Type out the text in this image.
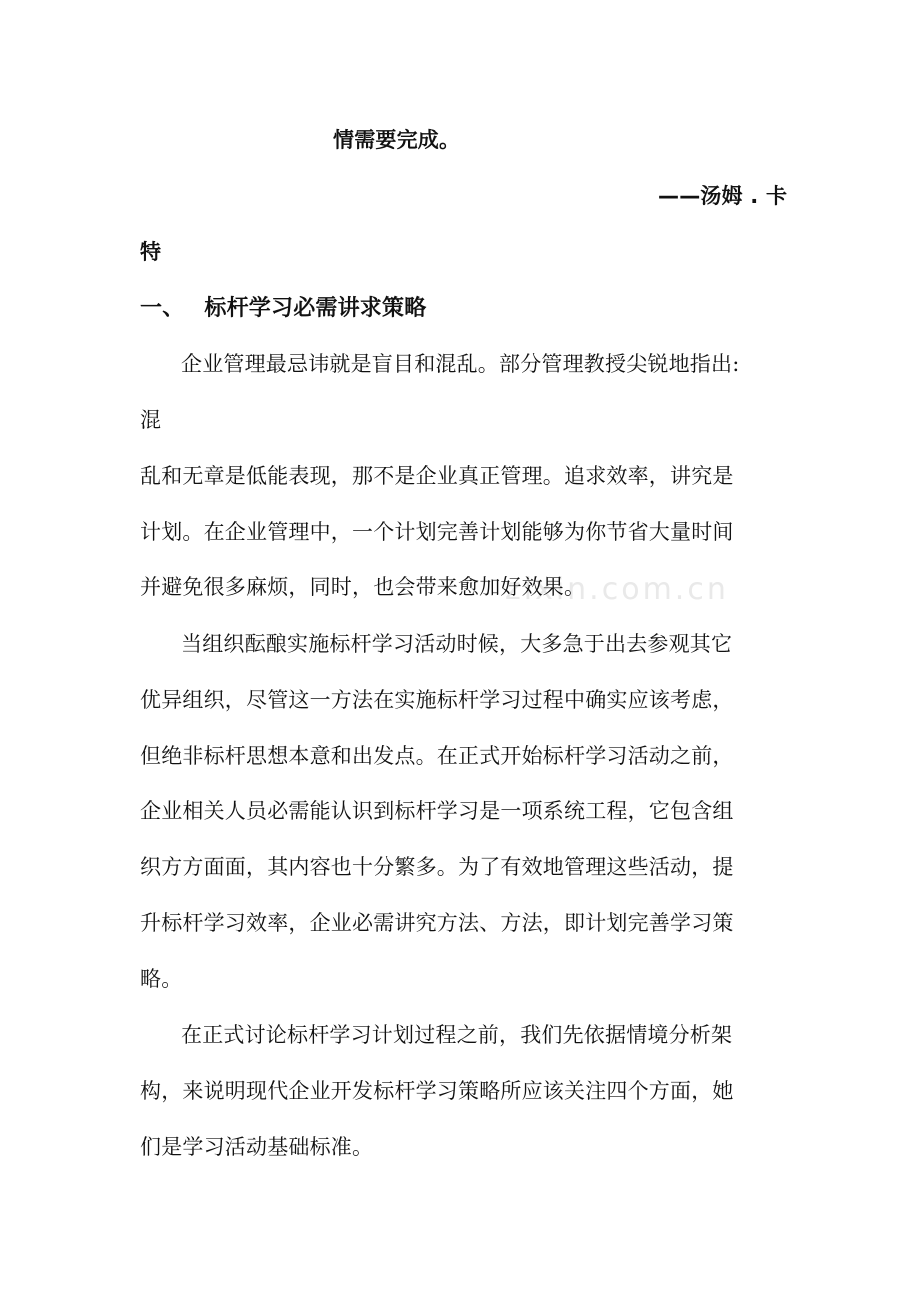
zixin.com.cn
情需要完成。
——汤姆 . 卡
特
一、 标杆学习必需讲求策略
企业管理最忌讳就是盲目和混乱。部分管理教授尖锐地指出:
混
乱和无章是低能表现，那不是企业真正管理。追求效率，讲究是
计划。在企业管理中，一个计划完善计划能够为你节省大量时间
并避免很多麻烦，同时，也会带来愈加好效果。
当组织酝酿实施标杆学习活动时候，大多急于出去参观其它
优异组织，尽管这一方法在实施标杆学习过程中确实应该考虑，
但绝非标杆思想本意和出发点。在正式开始标杆学习活动之前，
企业相关人员必需能认识到标杆学习是一项系统工程，它包含组
织方方面面，其内容也十分繁多。为了有效地管理这些活动，提
升标杆学习效率，企业必需讲究方法、方法，即计划完善学习策
略。
在正式讨论标杆学习计划过程之前，我们先依据情境分析架
构，来说明现代企业开发标杆学习策略所应该关注四个方面，她
们是学习活动基础标准。
